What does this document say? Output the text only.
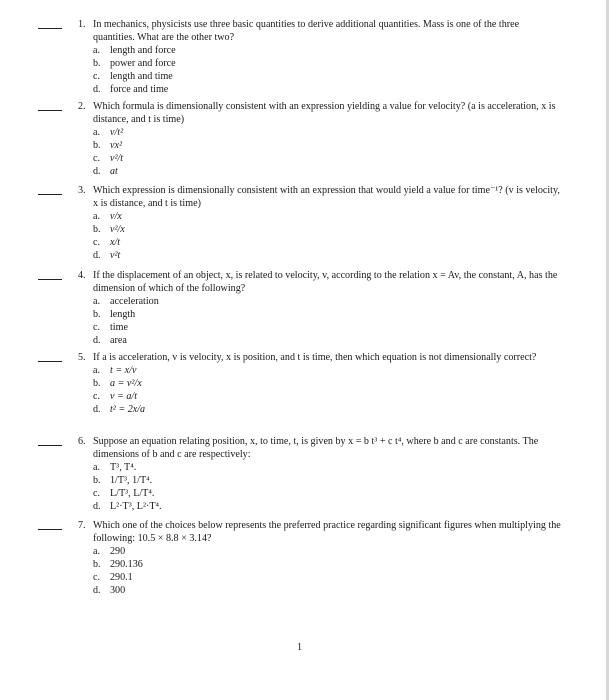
1. In mechanics, physicists use three basic quantities to derive additional quantities. Mass is one of the three quantities. What are the other two?
a. length and force
b. power and force
c. length and time
d. force and time
2. Which formula is dimensionally consistent with an expression yielding a value for velocity? (a is acceleration, x is distance, and t is time)
a. v/t²
b. vx²
c. v²/t
d. at
3. Which expression is dimensionally consistent with an expression that would yield a value for time⁻¹? (v is velocity, x is distance, and t is time)
a. v/x
b. v²/x
c. x/t
d. v²t
4. If the displacement of an object, x, is related to velocity, v, according to the relation x = Av, the constant, A, has the dimension of which of the following?
a. acceleration
b. length
c. time
d. area
5. If a is acceleration, v is velocity, x is position, and t is time, then which equation is not dimensionally correct?
a. t = x/v
b. a = v²/x
c. v = a/t
d. t² = 2x/a
6. Suppose an equation relating position, x, to time, t, is given by x = b t³ + c t⁴, where b and c are constants. The dimensions of b and c are respectively:
a. T³, T⁴.
b. 1/T³, 1/T⁴.
c. L/T³, L/T⁴.
d. L²·T³, L²·T⁴.
7. Which one of the choices below represents the preferred practice regarding significant figures when multiplying the following: 10.5 × 8.8 × 3.14?
a. 290
b. 290.136
c. 290.1
d. 300
1
